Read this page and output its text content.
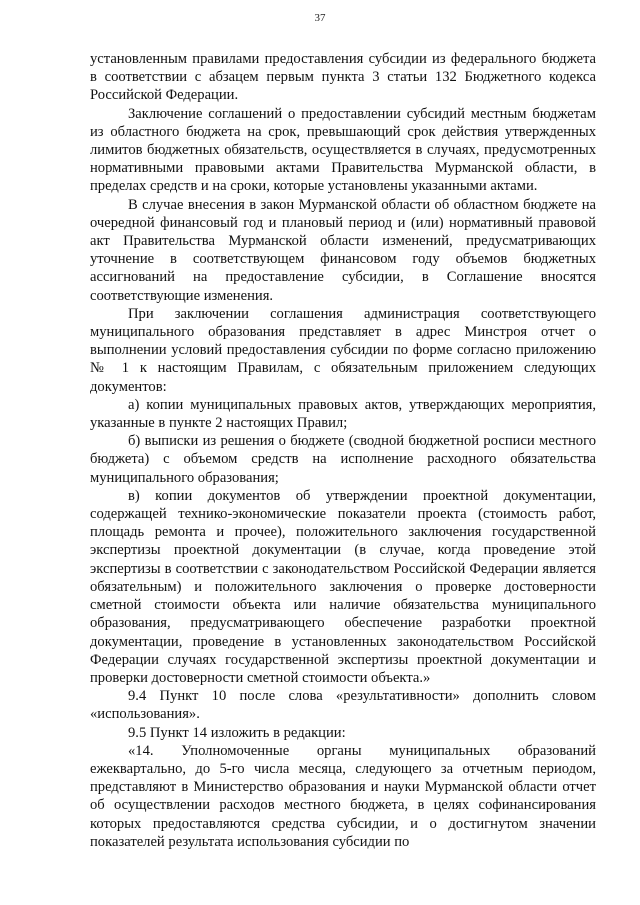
37

установленным правилами предоставления субсидии из федерального бюджета в соответствии с абзацем первым пункта 3 статьи 132 Бюджетного кодекса Российской Федерации.

Заключение соглашений о предоставлении субсидий местным бюджетам из областного бюджета на срок, превышающий срок действия утвержденных лимитов бюджетных обязательств, осуществляется в случаях, предусмотренных нормативными правовыми актами Правительства Мурманской области, в пределах средств и на сроки, которые установлены указанными актами.

В случае внесения в закон Мурманской области об областном бюджете на очередной финансовый год и плановый период и (или) нормативный правовой акт Правительства Мурманской области изменений, предусматривающих уточнение в соответствующем финансовом году объемов бюджетных ассигнований на предоставление субсидии, в Соглашение вносятся соответствующие изменения.

При заключении соглашения администрация соответствующего муниципального образования представляет в адрес Минстроя отчет о выполнении условий предоставления субсидии по форме согласно приложению № 1 к настоящим Правилам, с обязательным приложением следующих документов:

а) копии муниципальных правовых актов, утверждающих мероприятия, указанные в пункте 2 настоящих Правил;

б) выписки из решения о бюджете (сводной бюджетной росписи местного бюджета) с объемом средств на исполнение расходного обязательства муниципального образования;

в) копии документов об утверждении проектной документации, содержащей технико-экономические показатели проекта (стоимость работ, площадь ремонта и прочее), положительного заключения государственной экспертизы проектной документации (в случае, когда проведение этой экспертизы в соответствии с законодательством Российской Федерации является обязательным) и положительного заключения о проверке достоверности сметной стоимости объекта или наличие обязательства муниципального образования, предусматривающего обеспечение разработки проектной документации, проведение в установленных законодательством Российской Федерации случаях государственной экспертизы проектной документации и проверки достоверности сметной стоимости объекта.»

9.4 Пункт 10 после слова «результативности» дополнить словом «использования».

9.5 Пункт 14 изложить в редакции:

«14. Уполномоченные органы муниципальных образований ежеквартально, до 5-го числа месяца, следующего за отчетным периодом, представляют в Министерство образования и науки Мурманской области отчет об осуществлении расходов местного бюджета, в целях софинансирования которых предоставляются средства субсидии, и о достигнутом значении показателей результата использования субсидии по
